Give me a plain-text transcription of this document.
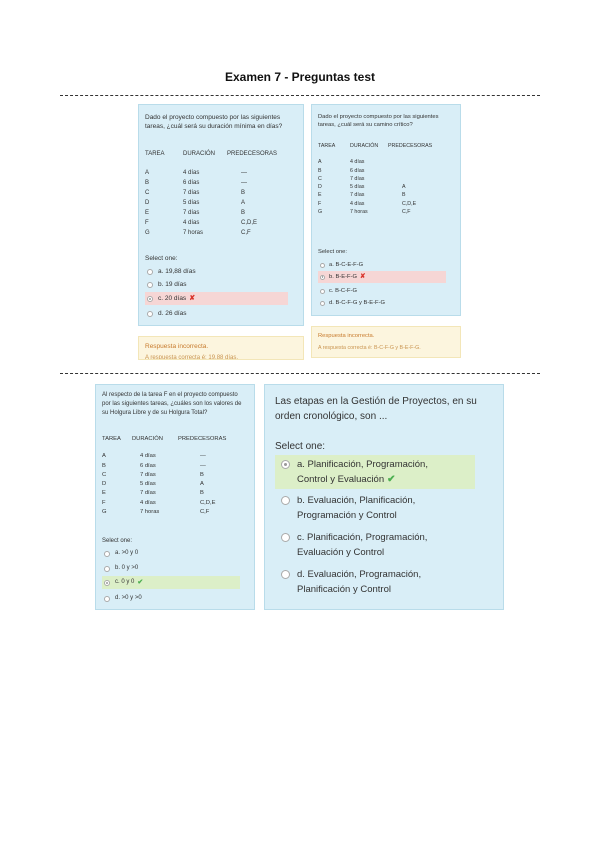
Examen 7 - Preguntas test
Dado el proyecto compuesto por las siguientes tareas, ¿cuál será su duración mínima en días?
TAREA	DURACIÓN	PREDECESORAS

A	4 días	—
B	6 días	—
C	7 días	B
D	5 días	A
E	7 días	B
F	4 días	C,D,E
G	7 horas	C,F
Select one:
a. 19,88 días
b. 19 días
c. 20 días ✘
d. 26 días
Respuesta incorrecta.
A respuesta correcta é: 19,88 días.
Dado el proyecto compuesto por las siguientes tareas, ¿cuál será su camino crítico?
TAREA	DURACIÓN	PREDECESORAS

A	4 días	
B	6 días	
C	7 días	
D	5 días	A
E	7 días	B
F	4 días	C,D,E
G	7 horas	C,F
Select one:
a. B-C-E-F-G
b. B-E-F-G ✘
c. B-C-F-G
d. B-C-F-G y B-E-F-G
Respuesta incorrecta.
A respuesta correcta é: B-C-F-G y B-E-F-G.
Al respecto de la tarea F en el proyecto compuesto por las siguientes tareas, ¿cuáles son los valores de su Holgura Libre y de su Holgura Total?
TAREA	DURACIÓN	PREDECESORAS

A	4 días	—
B	6 días	—
C	7 días	B
D	5 días	A
E	7 días	B
F	4 días	C,D,E
G	7 horas	C,F
Select one:
a. >0 y 0
b. 0 y >0
c. 0 y 0 ✔
d. >0 y >0
Las etapas en la Gestión de Proyectos, en su orden cronológico, son ...
Select one:
a. Planificación, Programación,
Control y Evaluación ✔
b. Evaluación, Planificación,
Programación y Control
c. Planificación, Programación,
Evaluación y Control
d. Evaluación, Programación,
Planificación y Control
